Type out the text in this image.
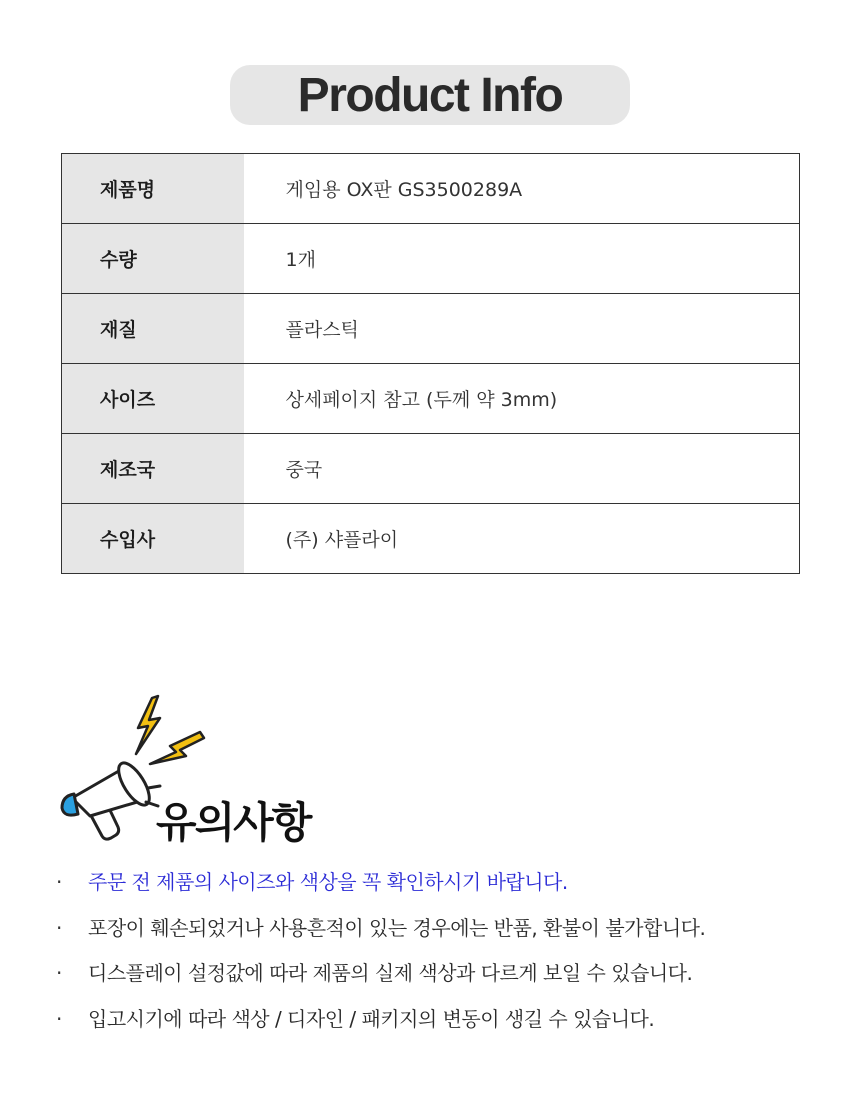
Product Info
제품명	게임용 OX판 GS3500289A
수량	1개
재질	플라스틱
사이즈	상세페이지 참고 (두께 약 3mm)
제조국	중국
수입사	(주) 샤플라이
유의사항
·	주문 전 제품의 사이즈와 색상을 꼭 확인하시기 바랍니다.
·	포장이 훼손되었거나 사용흔적이 있는 경우에는 반품, 환불이 불가합니다.
·	디스플레이 설정값에 따라 제품의 실제 색상과 다르게 보일 수 있습니다.
·	입고시기에 따라 색상 / 디자인 / 패키지의 변동이 생길 수 있습니다.
